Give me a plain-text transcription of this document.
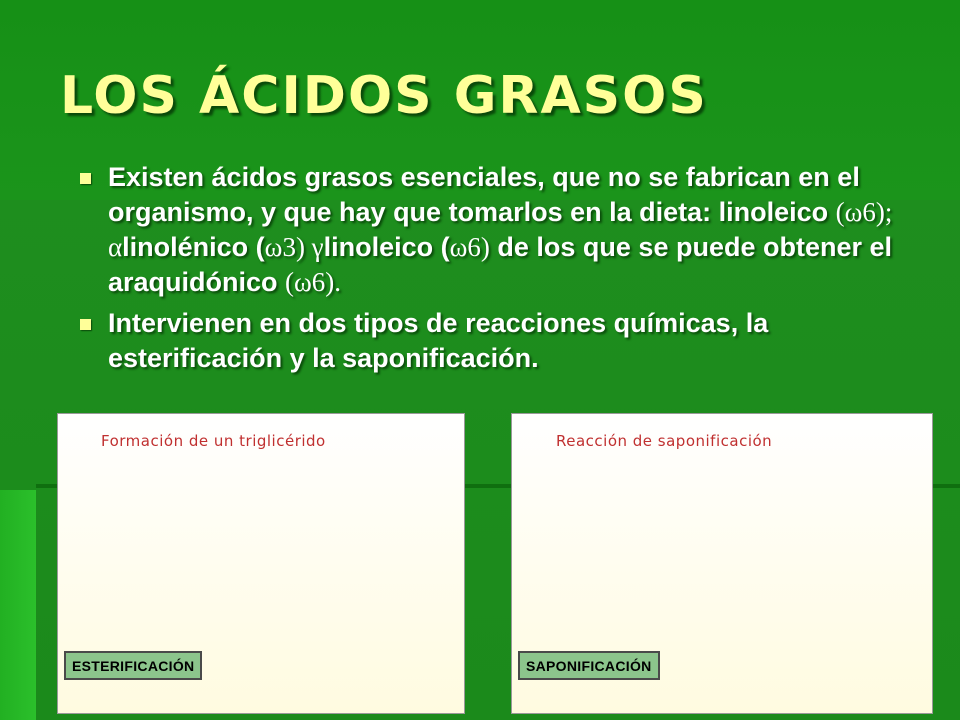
LOS ÁCIDOS GRASOS
Existen ácidos grasos esenciales, que no se fabrican en el organismo, y que hay que tomarlos en la dieta: linoleico (ω6); αlinolénico (ω3) γlinoleico (ω6) de los que se puede obtener el araquidónico (ω6).
Intervienen en dos tipos de reacciones químicas, la esterificación y la saponificación.
Formación de un triglicérido
ESTERIFICACIÓN
Reacción de saponificación
SAPONIFICACIÓN
